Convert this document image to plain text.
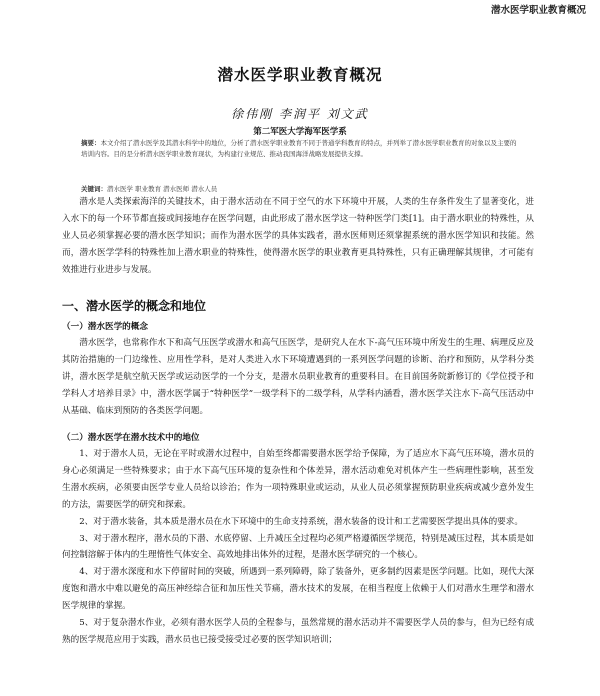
潜水医学职业教育概况
潜水医学职业教育概况
徐伟刚 李润平 刘文武
第二军医大学海军医学系
摘要：本文介绍了潜水医学及其潜水科学中的地位，分析了潜水医学职业教育不同于普通学科教育的特点，并列举了潜水医学职业教育的对象以及主要的培训内容。目的是分析潜水医学职业教育现状，为构建行业规范、推动我国海洋战略发展提供支撑。
关键词：潜水医学 职业教育 潜水医师 潜水人员

潜水是人类探索海洋的关键技术，由于潜水活动在不同于空气的水下环境中开展，人类的生存条件发生了显著变化，进入水下的每一个环节都直接或间接地存在医学问题，由此形成了潜水医学这一特种医学门类[1]。由于潜水职业的特殊性，从业人员必须掌握必要的潜水医学知识；而作为潜水医学的具体实践者，潜水医师则还须掌握系统的潜水医学知识和技能。然而，潜水医学学科的特殊性加上潜水职业的特殊性，使得潜水医学的职业教育更具特殊性，只有正确理解其规律，才可能有效推进行业进步与发展。

一、潜水医学的概念和地位
（一）潜水医学的概念

潜水医学，也常称作水下和高气压医学或潜水和高气压医学，是研究人在水下-高气压环境中所发生的生理、病理反应及其防治措施的一门边缘性、应用性学科，是对人类进入水下环境遭遇到的一系列医学问题的诊断、治疗和预防，从学科分类讲，潜水医学是航空航天医学或运动医学的一个分支，是潜水员职业教育的重要科目。在目前国务院新修订的《学位授予和学科人才培养目录》中，潜水医学属于“特种医学”一级学科下的二级学科，从学科内涵看，潜水医学关注水下-高气压活动中从基础、临床到预防的各类医学问题。

（二）潜水医学在潜水技术中的地位

1、对于潜水人员，无论在平时或潜水过程中，自始至终都需要潜水医学给予保障，为了适应水下高气压环境，潜水员的身心必须满足一些特殊要求；由于水下高气压环境的复杂性和个体差异，潜水活动难免对机体产生一些病理性影响，甚至发生潜水疾病，必须要由医学专业人员给以诊治；作为一项特殊职业或运动，从业人员必须掌握预防职业疾病或减少意外发生的方法，需要医学的研究和探索。

2、对于潜水装备，其本质是潜水员在水下环境中的生命支持系统，潜水装备的设计和工艺需要医学提出具体的要求。

3、对于潜水程序，潜水员的下潜、水底停留、上升减压全过程均必须严格遵循医学规范，特别是减压过程，其本质是如何控制溶解于体内的生理惰性气体安全、高效地排出体外的过程，是潜水医学研究的一个核心。

4、对于潜水深度和水下停留时间的突破，所遇到一系列障碍，除了装备外，更多制约因素是医学问题。比如，现代大深度饱和潜水中难以避免的高压神经综合征和加压性关节痛，潜水技术的发展，在相当程度上依赖于人们对潜水生理学和潜水医学规律的掌握。

5、对于复杂潜水作业，必须有潜水医学人员的全程参与，虽然常规的潜水活动并不需要医学人员的参与，但为已经有成熟的医学规范应用于实践，潜水员也已接受接受过必要的医学知识培训；
